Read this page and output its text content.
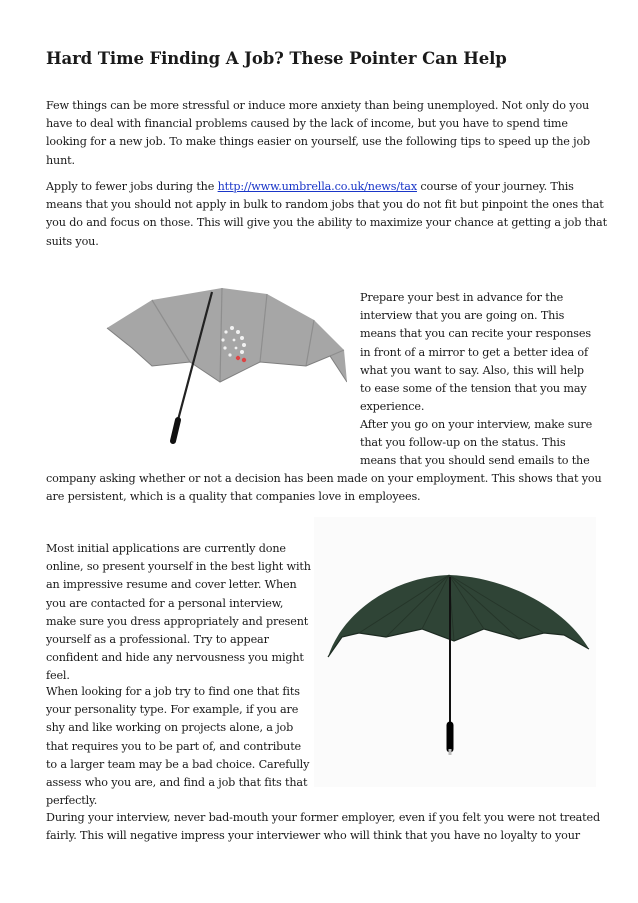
Hard Time Finding A Job? These Pointer Can Help

Few things can be more stressful or induce more anxiety than being unemployed. Not only do you
have to deal with financial problems caused by the lack of income, but you have to spend time
looking for a new job. To make things easier on yourself, use the following tips to speed up the job
hunt.

Apply to fewer jobs during the http://www.umbrella.co.uk/news/tax course of your journey. This
means that you should not apply in bulk to random jobs that you do not fit but pinpoint the ones that
you do and focus on those. This will give you the ability to maximize your chance at getting a job that
suits you.

Prepare your best in advance for the
interview that you are going on. This
means that you can recite your responses
in front of a mirror to get a better idea of
what you want to say. Also, this will help
to ease some of the tension that you may
experience.

After you go on your interview, make sure
that you follow-up on the status. This
means that you should send emails to the

company asking whether or not a decision has been made on your employment. This shows that you
are persistent, which is a quality that companies love in employees.

Most initial applications are currently done
online, so present yourself in the best light with
an impressive resume and cover letter. When
you are contacted for a personal interview,
make sure you dress appropriately and present
yourself as a professional. Try to appear
confident and hide any nervousness you might
feel.

When looking for a job try to find one that fits
your personality type. For example, if you are
shy and like working on projects alone, a job
that requires you to be part of, and contribute
to a larger team may be a bad choice. Carefully
assess who you are, and find a job that fits that
perfectly.

During your interview, never bad-mouth your former employer, even if you felt you were not treated
fairly. This will negative impress your interviewer who will think that you have no loyalty to your
